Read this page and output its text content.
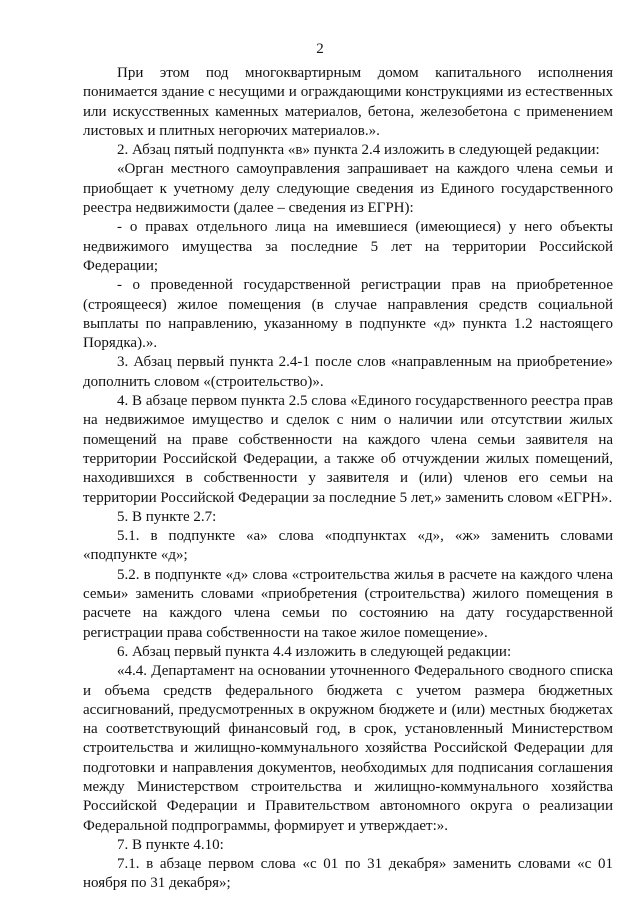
2

При этом под многоквартирным домом капитального исполнения понимается здание с несущими и ограждающими конструкциями из естественных или искусственных каменных материалов, бетона, железобетона с применением листовых и плитных негорючих материалов.».

2. Абзац пятый подпункта «в» пункта 2.4 изложить в следующей редакции:

«Орган местного самоуправления запрашивает на каждого члена семьи и приобщает к учетному делу следующие сведения из Единого государственного реестра недвижимости (далее – сведения из ЕГРН):

- о правах отдельного лица на имевшиеся (имеющиеся) у него объекты недвижимого имущества за последние 5 лет на территории Российской Федерации;

- о проведенной государственной регистрации прав на приобретенное (строящееся) жилое помещения (в случае направления средств социальной выплаты по направлению, указанному в подпункте «д» пункта 1.2 настоящего Порядка).».

3. Абзац первый пункта 2.4-1 после слов «направленным на приобретение» дополнить словом «(строительство)».

4. В абзаце первом пункта 2.5 слова «Единого государственного реестра прав на недвижимое имущество и сделок с ним о наличии или отсутствии жилых помещений на праве собственности на каждого члена семьи заявителя на территории Российской Федерации, а также об отчуждении жилых помещений, находившихся в собственности у заявителя и (или) членов его семьи на территории Российской Федерации за последние 5 лет,» заменить словом «ЕГРН».

5. В пункте 2.7:

5.1. в подпункте «а» слова «подпунктах «д», «ж» заменить словами «подпункте «д»;

5.2. в подпункте «д» слова «строительства жилья в расчете на каждого члена семьи» заменить словами «приобретения (строительства) жилого помещения в расчете на каждого члена семьи по состоянию на дату государственной регистрации права собственности на такое жилое помещение».

6. Абзац первый пункта 4.4 изложить в следующей редакции:

«4.4. Департамент на основании уточненного Федерального сводного списка и объема средств федерального бюджета с учетом размера бюджетных ассигнований, предусмотренных в окружном бюджете и (или) местных бюджетах на соответствующий финансовый год, в срок, установленный Министерством строительства и жилищно-коммунального хозяйства Российской Федерации для подготовки и направления документов, необходимых для подписания соглашения между Министерством строительства и жилищно-коммунального хозяйства Российской Федерации и Правительством автономного округа о реализации Федеральной подпрограммы, формирует и утверждает:».

7. В пункте 4.10:

7.1. в абзаце первом слова «с 01 по 31 декабря» заменить словами «с 01 ноября по 31 декабря»;
